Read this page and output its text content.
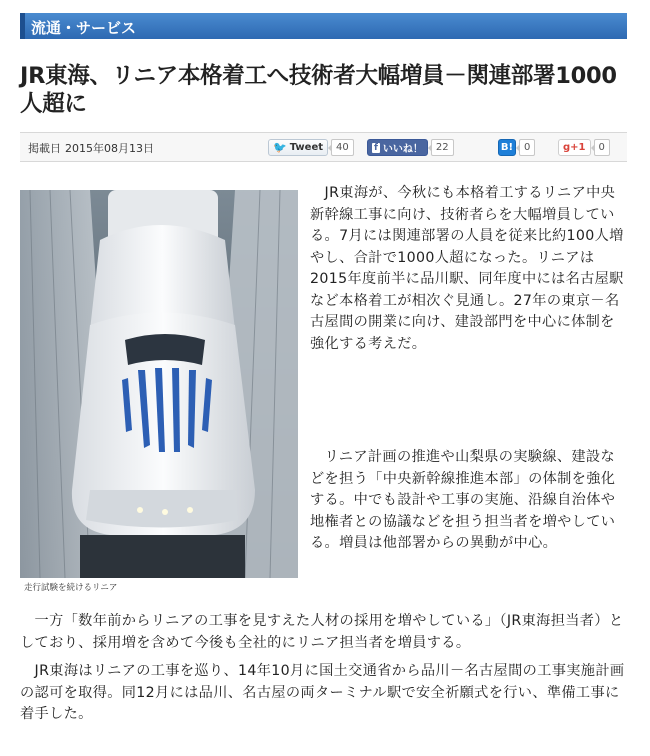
流通・サービス
JR東海、リニア本格着工へ技術者大幅増員－関連部署1000人超に
掲載日 2015年08月13日	🐦 Tweet	40	f いいね！	22	B!	0	g+1	0
走行試験を続けるリニア

　JR東海が、今秋にも本格着工するリニア中央新幹線工事に向け、技術者らを大幅増員している。7月には関連部署の人員を従来比約100人増やし、合計で1000人超になった。リニアは2015年度前半に品川駅、同年度中には名古屋駅など本格着工が相次ぐ見通し。27年の東京－名古屋間の開業に向け、建設部門を中心に体制を強化する考えだ。

　リニア計画の推進や山梨県の実験線、建設などを担う「中央新幹線推進本部」の体制を強化する。中でも設計や工事の実施、沿線自治体や地権者との協議などを担う担当者を増やしている。増員は他部署からの異動が中心。

　一方「数年前からリニアの工事を見すえた人材の採用を増やしている」（JR東海担当者）としており、採用増を含めて今後も全社的にリニア担当者を増員する。

　JR東海はリニアの工事を巡り、14年10月に国土交通省から品川－名古屋間の工事実施計画の認可を取得。同12月には品川、名古屋の両ターミナル駅で安全祈願式を行い、準備工事に着手した。
